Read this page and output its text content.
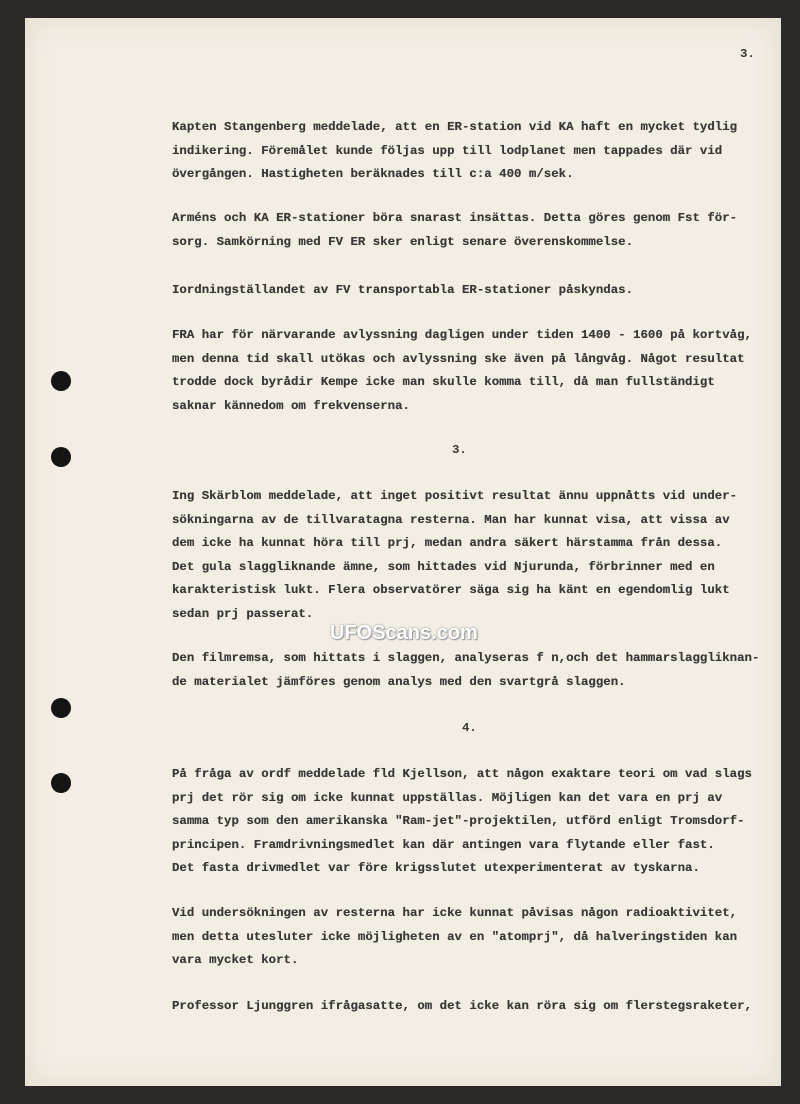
3.
3.
4.
Kapten Stangenberg meddelade, att en ER-station vid KA haft en mycket tydlig
indikering. Föremålet kunde följas upp till lodplanet men tappades där vid
övergången. Hastigheten beräknades till c:a 400 m/sek.
Arméns och KA ER-stationer böra snarast insättas. Detta göres genom Fst för-
sorg. Samkörning med FV ER sker enligt senare överenskommelse.
Iordningställandet av FV transportabla ER-stationer påskyndas.
FRA har för närvarande avlyssning dagligen under tiden 1400 - 1600 på kortvåg,
men denna tid skall utökas och avlyssning ske även på långvåg. Något resultat
trodde dock byrådir Kempe icke man skulle komma till, då man fullständigt
saknar kännedom om frekvenserna.
Ing Skärblom meddelade, att inget positivt resultat ännu uppnåtts vid under-
sökningarna av de tillvaratagna resterna. Man har kunnat visa, att vissa av
dem icke ha kunnat höra till prj, medan andra säkert härstamma från dessa.
Det gula slaggliknande ämne, som hittades vid Njurunda, förbrinner med en
karakteristisk lukt. Flera observatörer säga sig ha känt en egendomlig lukt
sedan prj passerat.
Den filmremsa, som hittats i slaggen, analyseras f n,och det hammarslaggliknan-
de materialet jämföres genom analys med den svartgrå slaggen.
På fråga av ordf meddelade fld Kjellson, att någon exaktare teori om vad slags
prj det rör sig om icke kunnat uppställas. Möjligen kan det vara en prj av
samma typ som den amerikanska "Ram-jet"-projektilen, utförd enligt Tromsdorf-
principen. Framdrivningsmedlet kan där antingen vara flytande eller fast.
Det fasta drivmedlet var före krigsslutet utexperimenterat av tyskarna.
Vid undersökningen av resterna har icke kunnat påvisas någon radioaktivitet,
men detta utesluter icke möjligheten av en "atomprj", då halveringstiden kan
vara mycket kort.
Professor Ljunggren ifrågasatte, om det icke kan röra sig om flerstegsraketer,
UFOScans.com
